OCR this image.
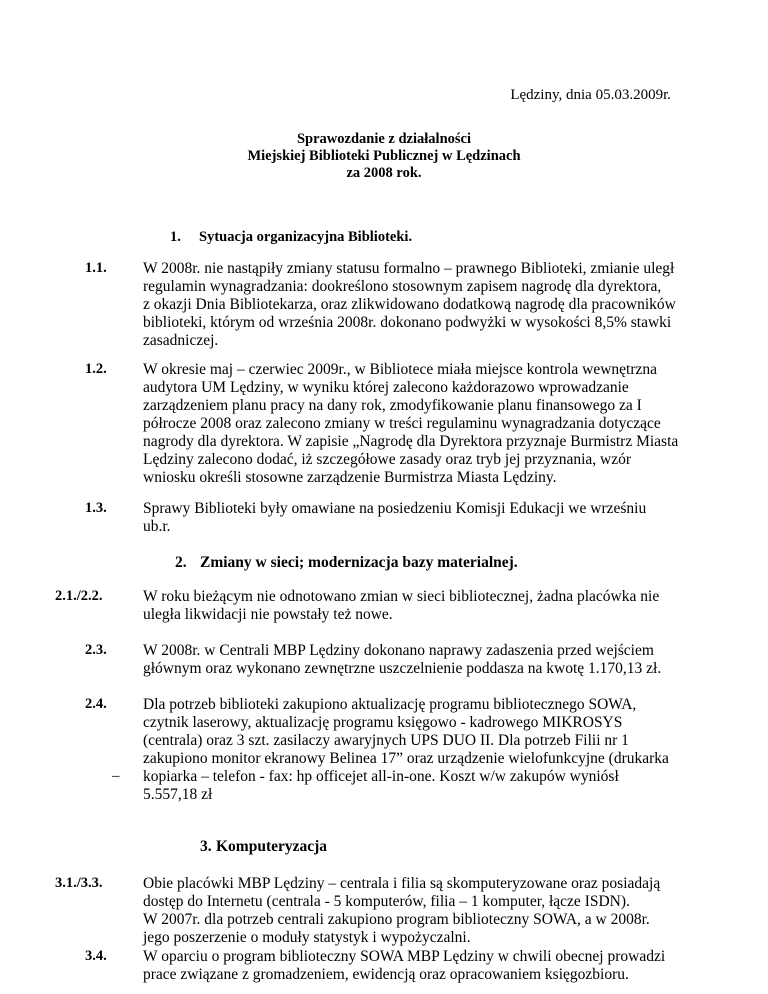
Lędziny, dnia 05.03.2009r.
Sprawozdanie z działalności
Miejskiej Biblioteki Publicznej w Lędzinach
za 2008 rok.
1. Sytuacja organizacyjna Biblioteki.
1.1. W 2008r. nie nastąpiły zmiany statusu formalno – prawnego Biblioteki, zmianie uległ

regulamin wynagradzania: dookreślono stosownym zapisem nagrodę dla dyrektora,

z okazji Dnia Bibliotekarza, oraz zlikwidowano dodatkową nagrodę dla pracowników

biblioteki, którym od września 2008r. dokonano podwyżki w wysokości 8,5% stawki

zasadniczej.

1.2. W okresie maj – czerwiec 2009r., w Bibliotece miała miejsce kontrola wewnętrzna

audytora UM Lędziny, w wyniku której zalecono każdorazowo wprowadzanie

zarządzeniem planu pracy na dany rok, zmodyfikowanie planu finansowego za I

półrocze 2008 oraz zalecono zmiany w treści regulaminu wynagradzania dotyczące

nagrody dla dyrektora. W zapisie „Nagrodę dla Dyrektora przyznaje Burmistrz Miasta

Lędziny zalecono dodać, iż szczegółowe zasady oraz tryb jej przyznania, wzór

wniosku określi stosowne zarządzenie Burmistrza Miasta Lędziny.

1.3. Sprawy Biblioteki były omawiane na posiedzeniu Komisji Edukacji we wrześniu

ub.r.

2. Zmiany w sieci; modernizacja bazy materialnej.
2.1./2.2.	W roku bieżącym nie odnotowano zmian w sieci bibliotecznej, żadna placówka nie

uległa likwidacji nie powstały też nowe.

2.3. W 2008r. w Centrali MBP Lędziny dokonano naprawy zadaszenia przed wejściem

głównym oraz wykonano zewnętrzne uszczelnienie poddasza na kwotę 1.170,13 zł.

2.4. Dla potrzeb biblioteki zakupiono aktualizację programu bibliotecznego SOWA,

czytnik laserowy, aktualizację programu księgowo - kadrowego MIKROSYS

(centrala) oraz 3 szt. zasilaczy awaryjnych UPS DUO II. Dla potrzeb Filii nr 1

zakupiono monitor ekranowy Belinea 17” oraz urządzenie wielofunkcyjne (drukarka

kopiarka – telefon - fax: hp officejet all-in-one. Koszt w/w zakupów wyniósł

5.557,18 zł

–
3. Komputeryzacja
3.1./3.3.	Obie placówki MBP Lędziny – centrala i filia są skomputeryzowane oraz posiadają

dostęp do Internetu (centrala - 5 komputerów, filia – 1 komputer, łącze ISDN).

W 2007r. dla potrzeb centrali zakupiono program biblioteczny SOWA, a w 2008r.

jego poszerzenie o moduły statystyk i wypożyczalni.

3.4. W oparciu o program biblioteczny SOWA MBP Lędziny w chwili obecnej prowadzi

prace związane z gromadzeniem, ewidencją oraz opracowaniem księgozbioru.
